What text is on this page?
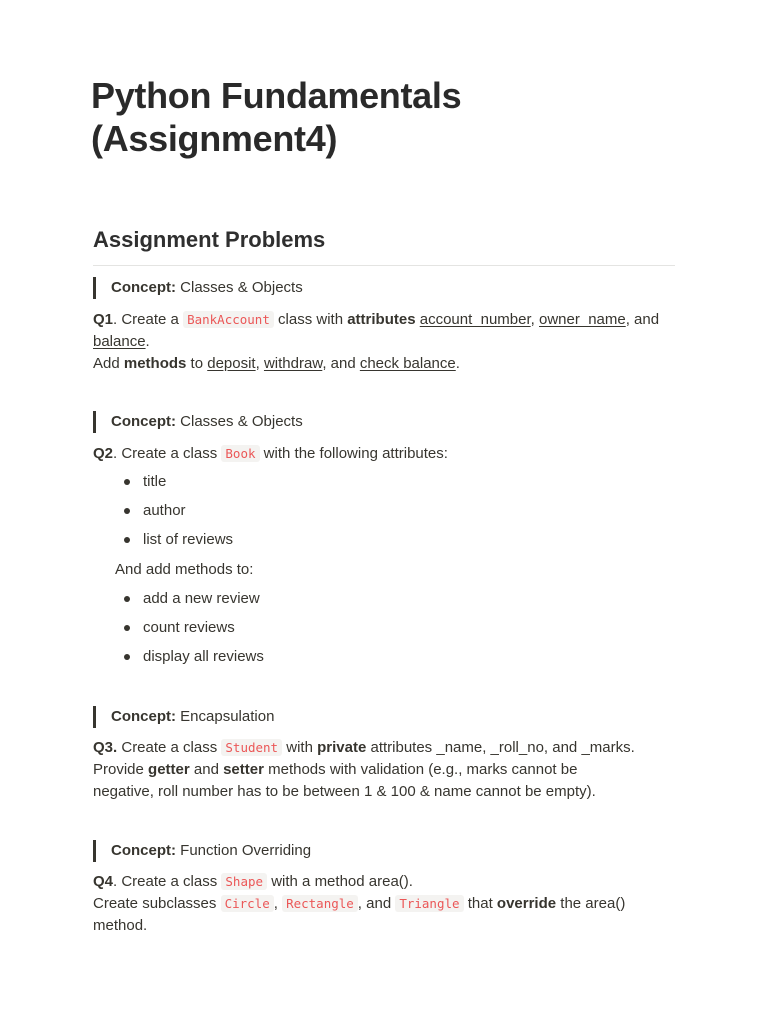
Python Fundamentals (Assignment4)
Assignment Problems
Concept: Classes & Objects
Q1. Create a BankAccount class with attributes account_number, owner_name, and balance.
Add methods to deposit, withdraw, and check balance.
Concept: Classes & Objects
Q2. Create a class Book with the following attributes:
title
author
list of reviews
And add methods to:
add a new review
count reviews
display all reviews
Concept: Encapsulation
Q3. Create a class Student with private attributes _name, _roll_no, and _marks.
Provide getter and setter methods with validation (e.g., marks cannot be
negative, roll number has to be between 1 & 100 & name cannot be empty).
Concept: Function Overriding
Q4. Create a class Shape with a method area().
Create subclasses Circle , Rectangle , and Triangle that override the area()
method.
